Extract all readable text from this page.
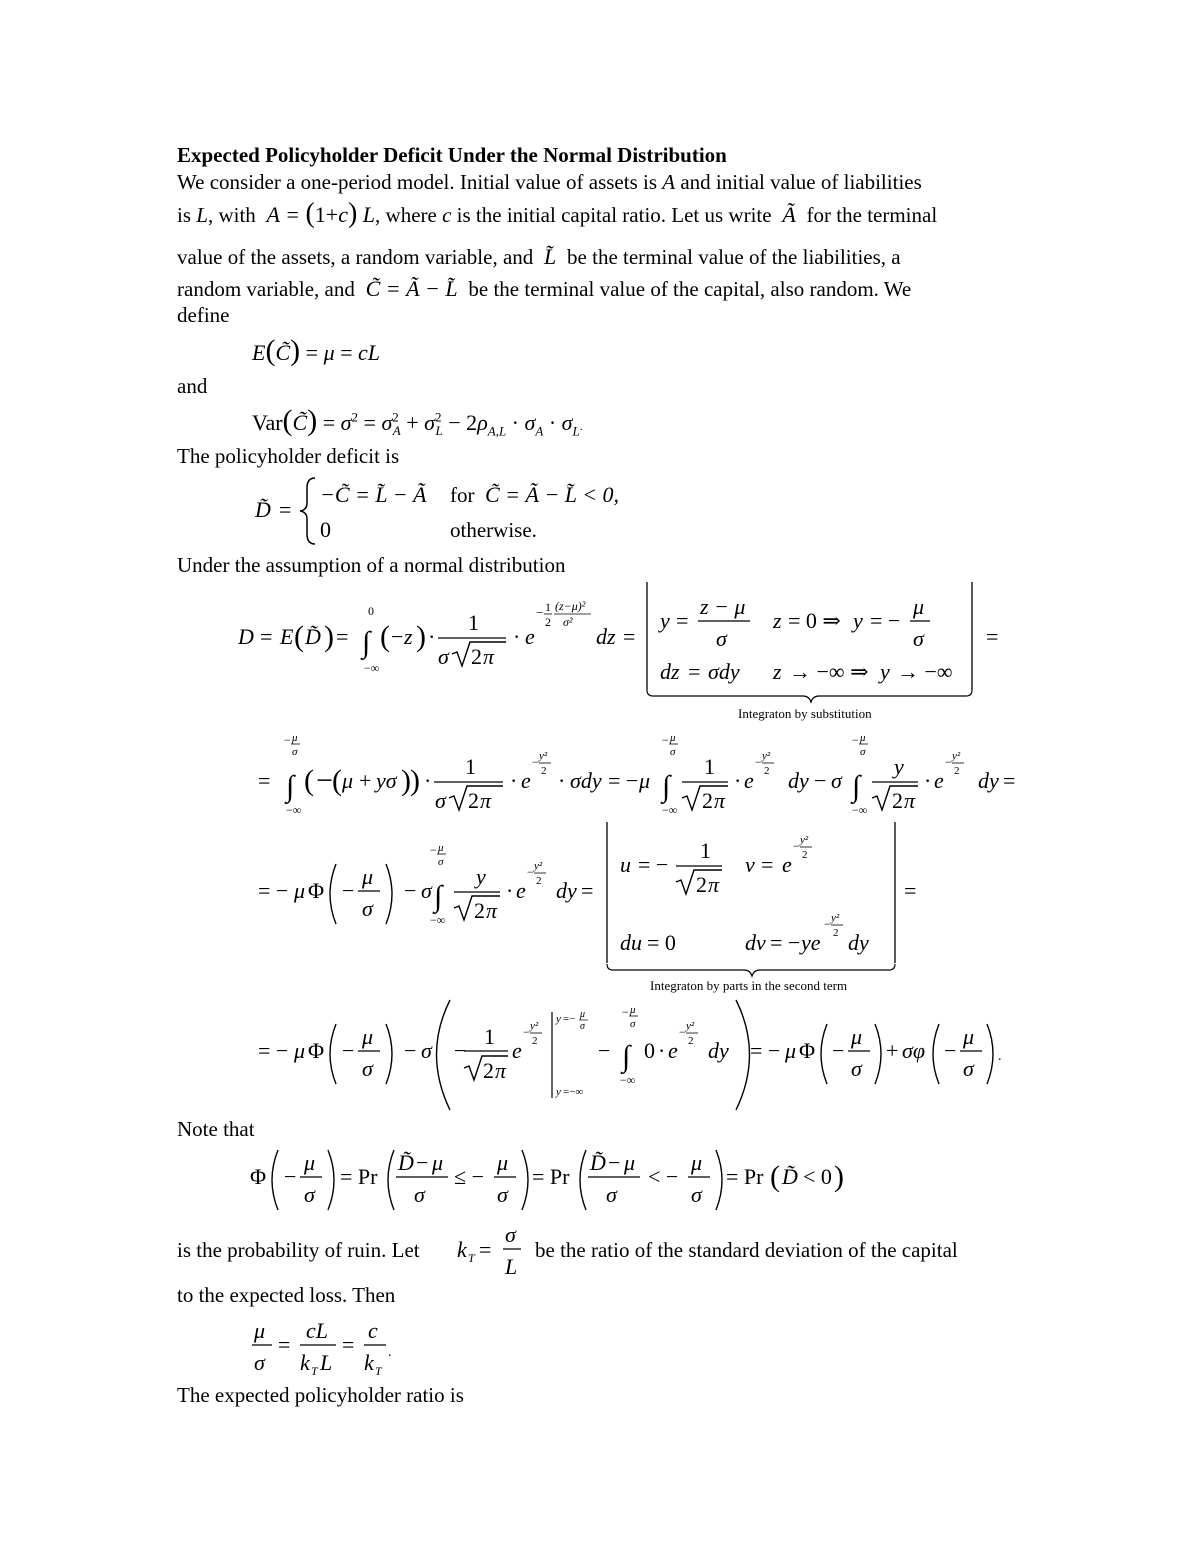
Expected Policyholder Deficit Under the Normal Distribution
We consider a one-period model. Initial value of assets is A and initial value of liabilities
is L, with  A = (1+c) L, where c is the initial capital ratio. Let us write  Ã  for the terminal
value of the assets, a random variable, and  L̃  be the terminal value of the liabilities, a
random variable, and  C̃ = Ã − L̃  be the terminal value of the capital, also random. We
define
E(C̃) = μ = cL
and
Var(C̃) = $\sigma^2 = \sigma^2_A + \sigma^2_L - 2\rho_{A,L} \cdot \sigma_A \cdot \sigma_L$.
The policyholder deficit is
D̃ =
−C̃ = L̃ − Ã for C̃ = Ã − L̃ < 0,
0	otherwise.
Under the assumption of a normal distribution
D = E ( D̃ ) =
0
∫
−∞
( − z ) ·
1
σ 2 π
· e
− 1
2
(z−μ)²
σ²
dz =
y =
z − μ
σ
z = 0 ⇒ y = −
μ
σ
dz = σdy z → −∞ ⇒ y → −∞
=
Integraton by substitution
=
− μ
σ
∫
−∞
( − ( μ + yσ ) ) ·
1
σ 2 π
· e
− y²
2 · σdy = − μ
− μ
σ
∫
−∞
1
2 π
· e
− y²
2 dy − σ
− μ
σ
∫
−∞
y
2 π
· e
− y²
2 dy =
= − μ Φ −
μ
σ
− σ
− μ
σ
∫
−∞
y
2 π
· e
− y²
2 dy =
u = −
1
2 π
v = e
− y²
2
du = 0	dv = − ye
− y²
2 dy
=
Integraton by parts in the second term
= − μ Φ −
μ
σ
− σ −
1
2 π
e
− y²
2
y =− μ
σ
y =−∞
−
− μ
σ
∫
−∞
0 · e
− y²
2 dy = − μ Φ −
μ
σ
+ σφ −
μ
σ .
Note that
Φ −
μ
σ
= Pr
D̃ − μ
σ
≤ −
μ
σ
= Pr
D̃ − μ
σ
< −
μ
σ
= Pr ( D̃ < 0 )
is the probability of ruin. Let k T =
σ
L
be the ratio of the standard deviation of the capital
to the expected loss. Then
μ
σ
=
cL
k T L
=
c
k T
.
The expected policyholder ratio is
